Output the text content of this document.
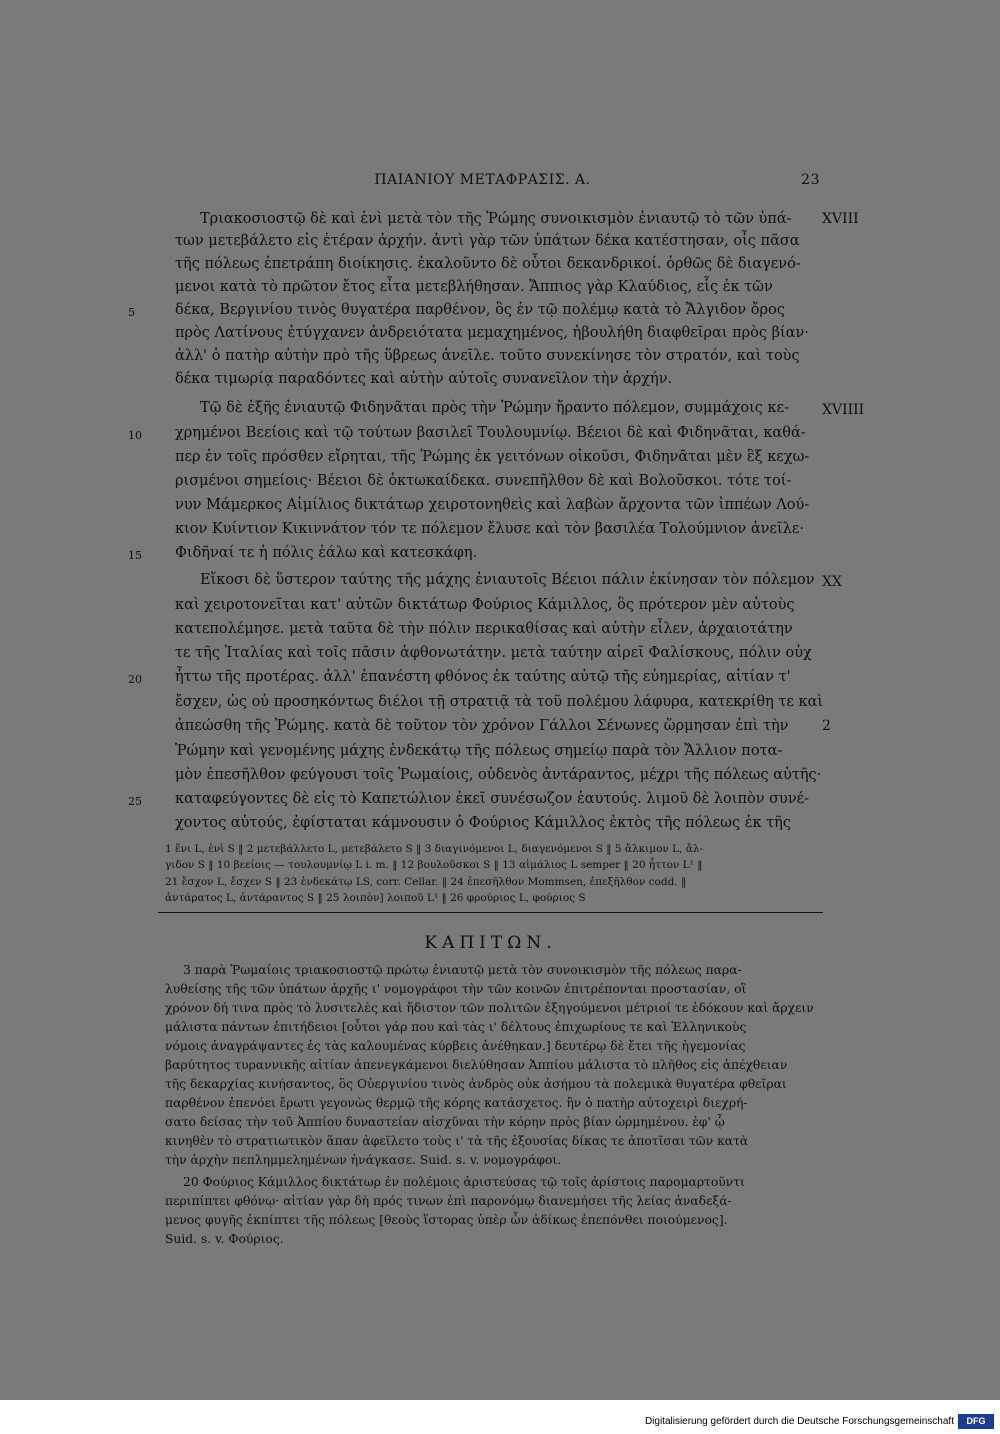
ΠΑΙΑΝΙΟΥ ΜΕΤΑΦΡΑΣΙΣ. Α.	23
Τριακοσιοστῷ δὲ καὶ ἑνὶ μετὰ τὸν τῆς Ῥώμης συνοικισμὸν ἐνιαυτῷ τὸ τῶν ὑπά-
των μετεβάλετο εἰς ἑτέραν ἀρχήν. ἀντὶ γὰρ τῶν ὑπάτων δέκα κατέστησαν, οἷς πᾶσα
τῆς πόλεως ἐπετράπη διοίκησις. ἐκαλοῦντο δὲ οὗτοι δεκανδρικοί. ὀρθῶς δὲ διαγενό-
μενοι κατὰ τὸ πρῶτον ἔτος εἶτα μετεβλήθησαν. Ἄππιος γὰρ Κλαύδιος, εἷς ἐκ τῶν
δέκα, Βεργινίου τινὸς θυγατέρα παρθένον, ὃς ἐν τῷ πολέμῳ κατὰ τὸ Ἄλγιδον ὄρος
πρὸς Λατίνους ἐτύγχανεν ἀνδρειότατα μεμαχημένος, ἠβουλήθη διαφθεῖραι πρὸς βίαν·
ἀλλ' ὁ πατὴρ αὐτὴν πρὸ τῆς ὕβρεως ἀνεῖλε. τοῦτο συνεκίνησε τὸν στρατόν, καὶ τοὺς
δέκα τιμωρίᾳ παραδόντες καὶ αὐτὴν αὐτοῖς συνανεῖλον τὴν ἀρχήν.
Τῷ δὲ ἑξῆς ἐνιαυτῷ Φιδηνᾶται πρὸς τὴν Ῥώμην ἤραντο πόλεμον, συμμάχοις κε-
χρημένοι Βεείοις καὶ τῷ τούτων βασιλεῖ Τουλουμνίῳ. Βέειοι δὲ καὶ Φιδηνᾶται, καθά-
περ ἐν τοῖς πρόσθεν εἴρηται, τῆς Ῥώμης ἐκ γειτόνων οἰκοῦσι, Φιδηνᾶται μὲν ἓξ κεχω-
ρισμένοι σημείοις· Βέειοι δὲ ὀκτωκαίδεκα. συνεπῆλθον δὲ καὶ Βολοῦσκοι. τότε τοί-
νυν Μάμερκος Αἰμίλιος δικτάτωρ χειροτονηθεὶς καὶ λαβὼν ἄρχοντα τῶν ἱππέων Λού-
κιον Κυίντιον Κικιννάτον τόν τε πόλεμον ἔλυσε καὶ τὸν βασιλέα Τολούμνιον ἀνεῖλε·
Φιδῆναί τε ἡ πόλις ἑάλω καὶ κατεσκάφη.
Εἴκοσι δὲ ὕστερον ταύτης τῆς μάχης ἐνιαυτοῖς Βέειοι πάλιν ἐκίνησαν τὸν πόλεμον
καὶ χειροτονεῖται κατ' αὐτῶν δικτάτωρ Φούριος Κάμιλλος, ὃς πρότερον μὲν αὐτοὺς
κατεπολέμησε. μετὰ ταῦτα δὲ τὴν πόλιν περικαθίσας καὶ αὐτὴν εἷλεν, ἀρχαιοτάτην
τε τῆς Ἰταλίας καὶ τοῖς πᾶσιν ἀφθονωτάτην. μετὰ ταύτην αἱρεῖ Φαλίσκους, πόλιν οὐχ
ἧττω τῆς προτέρας. ἀλλ' ἐπανέστη φθόνος ἐκ ταύτης αὐτῷ τῆς εὐημερίας, αἰτίαν τ'
ἔσχεν, ὡς οὐ προσηκόντως διέλοι τῇ στρατιᾷ τὰ τοῦ πολέμου λάφυρα, κατεκρίθη τε καὶ
ἀπεώσθη τῆς Ῥώμης. κατὰ δὲ τοῦτον τὸν χρόνον Γάλλοι Σένωνες ὥρμησαν ἐπὶ τὴν
Ῥώμην καὶ γενομένης μάχης ἑνδεκάτῳ τῆς πόλεως σημείῳ παρὰ τὸν Ἄλλιον ποτα-
μὸν ἐπεσῆλθον φεύγουσι τοῖς Ῥωμαίοις, οὐδενὸς ἀντάραντος, μέχρι τῆς πόλεως αὐτῆς·
καταφεύγοντες δὲ εἰς τὸ Καπετώλιον ἐκεῖ συνέσωζον ἑαυτούς. λιμοῦ δὲ λοιπὸν συνέ-
χοντος αὐτούς, ἐφίσταται κάμνουσιν ὁ Φούριος Κάμιλλος ἐκτὸς τῆς πόλεως ἐκ τῆς
5
10
15
20
25
XVIII
XVIIII
XX
2
1 ἕνι L, ἑνὶ S ‖ 2 μετεβάλλετο L, μετεβάλετο S ‖ 3 διαγινόμενοι L, διαγενόμενοι S ‖ 5 ἄλκιμον L, ἄλ-
γιδον S ‖ 10 βεείοις — τουλουμνίῳ L i. m. ‖ 12 βουλοῦσκοι S ‖ 13 αἰμάλιος L semper ‖ 20 ἧττον L¹ ‖
21 ἔσχον L, ἔσχεν S ‖ 23 ἑνδεκάτῳ LS, corr. Cellar. ‖ 24 ἐπεσῆλθον Mommsen, ἐπεξῆλθον codd. ‖
ἀντάρατος L, ἀντάραντος S ‖ 25 λοιπὸν] λοιποῦ L¹ ‖ 26 φρούριος L, φούριος S
ΚΑΠΙΤΩΝ.
3 παρὰ Ῥωμαίοις τριακοσιοστῷ πρώτῳ ἐνιαυτῷ μετὰ τὸν συνοικισμὸν τῆς πόλεως παρα-
λυθείσης τῆς τῶν ὑπάτων ἀρχῆς ι' νομογράφοι τὴν τῶν κοινῶν ἐπιτρέπονται προστασίαν, οἳ
χρόνον δή τινα πρὸς τὸ λυσιτελὲς καὶ ἥδιστον τῶν πολιτῶν ἐξηγούμενοι μέτριοί τε ἐδόκουν καὶ ἄρχειν
μάλιστα πάντων ἐπιτήδειοι [οὗτοι γάρ που καὶ τὰς ι' δέλτους ἐπιχωρίους τε καὶ Ἑλληνικοὺς
νόμοις ἀναγράψαντες ἐς τὰς καλουμένας κύρβεις ἀνέθηκαν.] δευτέρῳ δὲ ἔτει τῆς ἡγεμονίας
βαρύτητος τυραννικῆς αἰτίαν ἀπενεγκάμενοι διελύθησαν Ἀππίου μάλιστα τὸ πλῆθος εἰς ἀπέχθειαν
τῆς δεκαρχίας κινήσαντος, ὃς Οὐεργινίου τινὸς ἀνδρὸς οὐκ ἀσήμου τὰ πολεμικὰ θυγατέρα φθεῖραι
παρθένον ἐπενόει ἔρωτι γεγονὼς θερμῷ τῆς κόρης κατάσχετος. ἣν ὁ πατὴρ αὐτοχειρὶ διεχρή-
σατο δείσας τὴν τοῦ Ἀππίου δυναστείαν αἰσχῦναι τὴν κόρην πρὸς βίαν ὡρμημένου. ἐφ' ᾧ
κινηθὲν τὸ στρατιωτικὸν ἅπαν ἀφεῖλετο τοὺς ι' τὰ τῆς ἐξουσίας δίκας τε ἀποτῖσαι τῶν κατὰ
τὴν ἀρχὴν πεπλημμελημένων ἠνάγκασε. Suid. s. v. νομογράφοι.
20 Φούριος Κάμιλλος δικτάτωρ ἐν πολέμοις ἀριστεύσας τῷ τοῖς ἀρίστοις παρομαρτοῦντι
περιπίπτει φθόνῳ· αἰτίαν γὰρ δὴ πρός τινων ἐπὶ παρονόμῳ διανεμήσει τῆς λείας ἀναδεξά-
μενος φυγῆς ἐκπίπτει τῆς πόλεως [θεοὺς ἵστορας ὑπὲρ ὧν ἀδίκως ἐπεπόνθει ποιούμενος].
Suid. s. v. Φούριος.
Digitalisierung gefördert durch die Deutsche Forschungsgemeinschaft	DFG
